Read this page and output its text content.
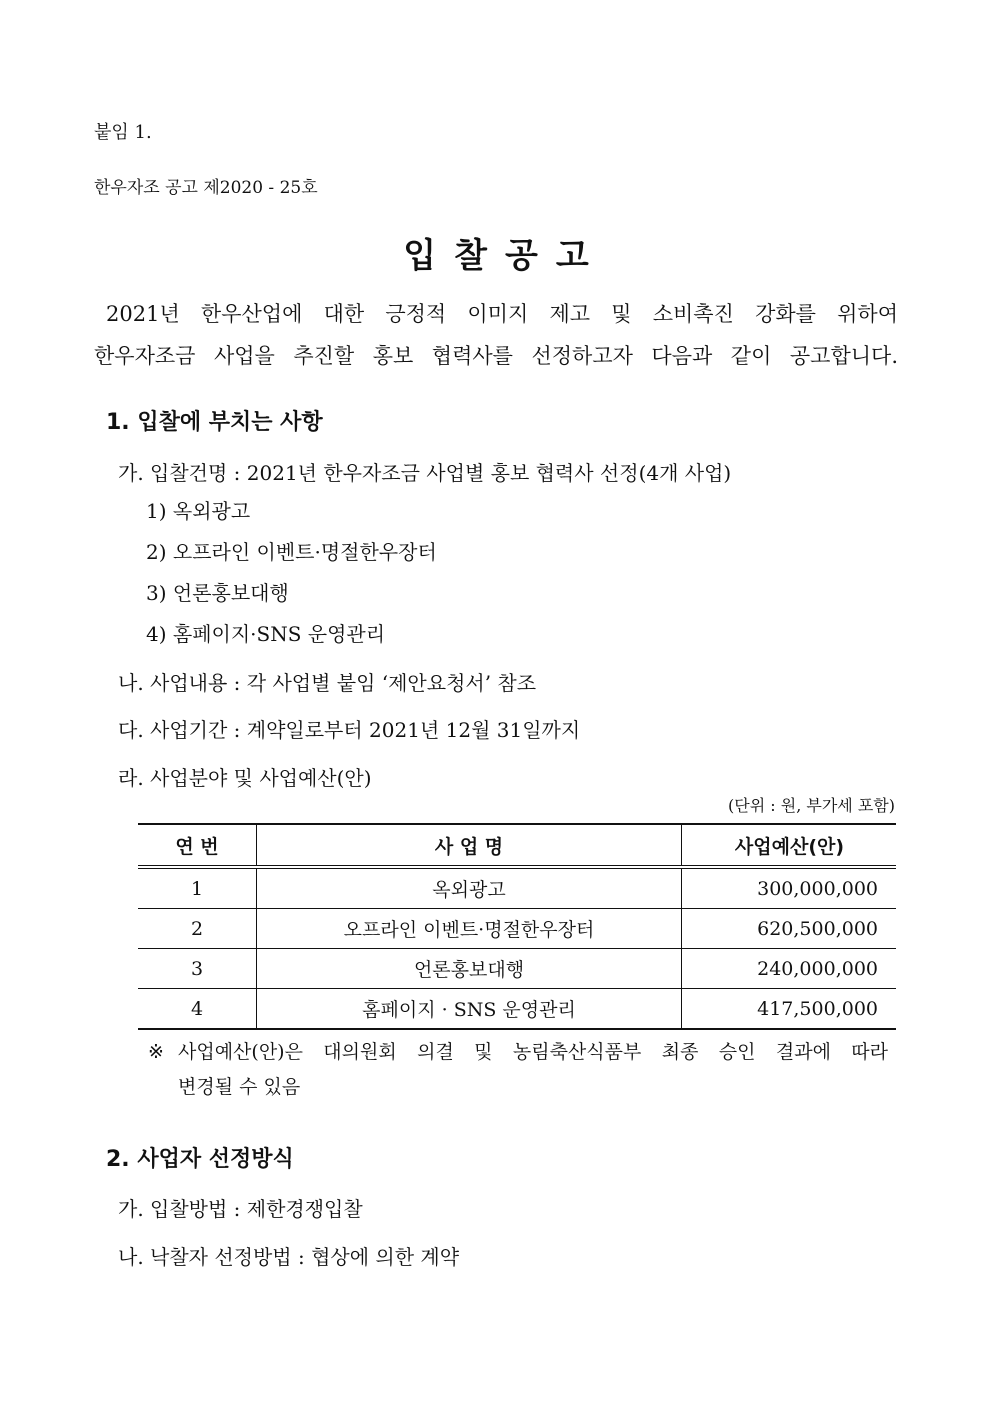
붙임 1.
한우자조 공고 제2020 - 25호
입찰공고

2021년 한우산업에 대한 긍정적 이미지 제고 및 소비촉진 강화를 위하여

한우자조금 사업을 추진할 홍보 협력사를 선정하고자 다음과 같이 공고합니다.

1. 입찰에 부치는 사항
가. 입찰건명 : 2021년 한우자조금 사업별 홍보 협력사 선정(4개 사업)
1) 옥외광고
2) 오프라인 이벤트·명절한우장터
3) 언론홍보대행
4) 홈페이지·SNS 운영관리
나. 사업내용 : 각 사업별 붙임 ‘제안요청서’ 참조
다. 사업기간 : 계약일로부터 2021년 12월 31일까지
라. 사업분야 및 사업예산(안)
(단위 : 원, 부가세 포함)
연 번	사 업 명	사업예산(안)
1	옥외광고	300,000,000
2	오프라인 이벤트·명절한우장터	620,500,000
3	언론홍보대행	240,000,000
4	홈페이지 · SNS 운영관리	417,500,000
※ 사업예산(안)은 대의원회 의결 및 농림축산식품부 최종 승인 결과에 따라

변경될 수 있음

2. 사업자 선정방식
가. 입찰방법 : 제한경쟁입찰
나. 낙찰자 선정방법 : 협상에 의한 계약
